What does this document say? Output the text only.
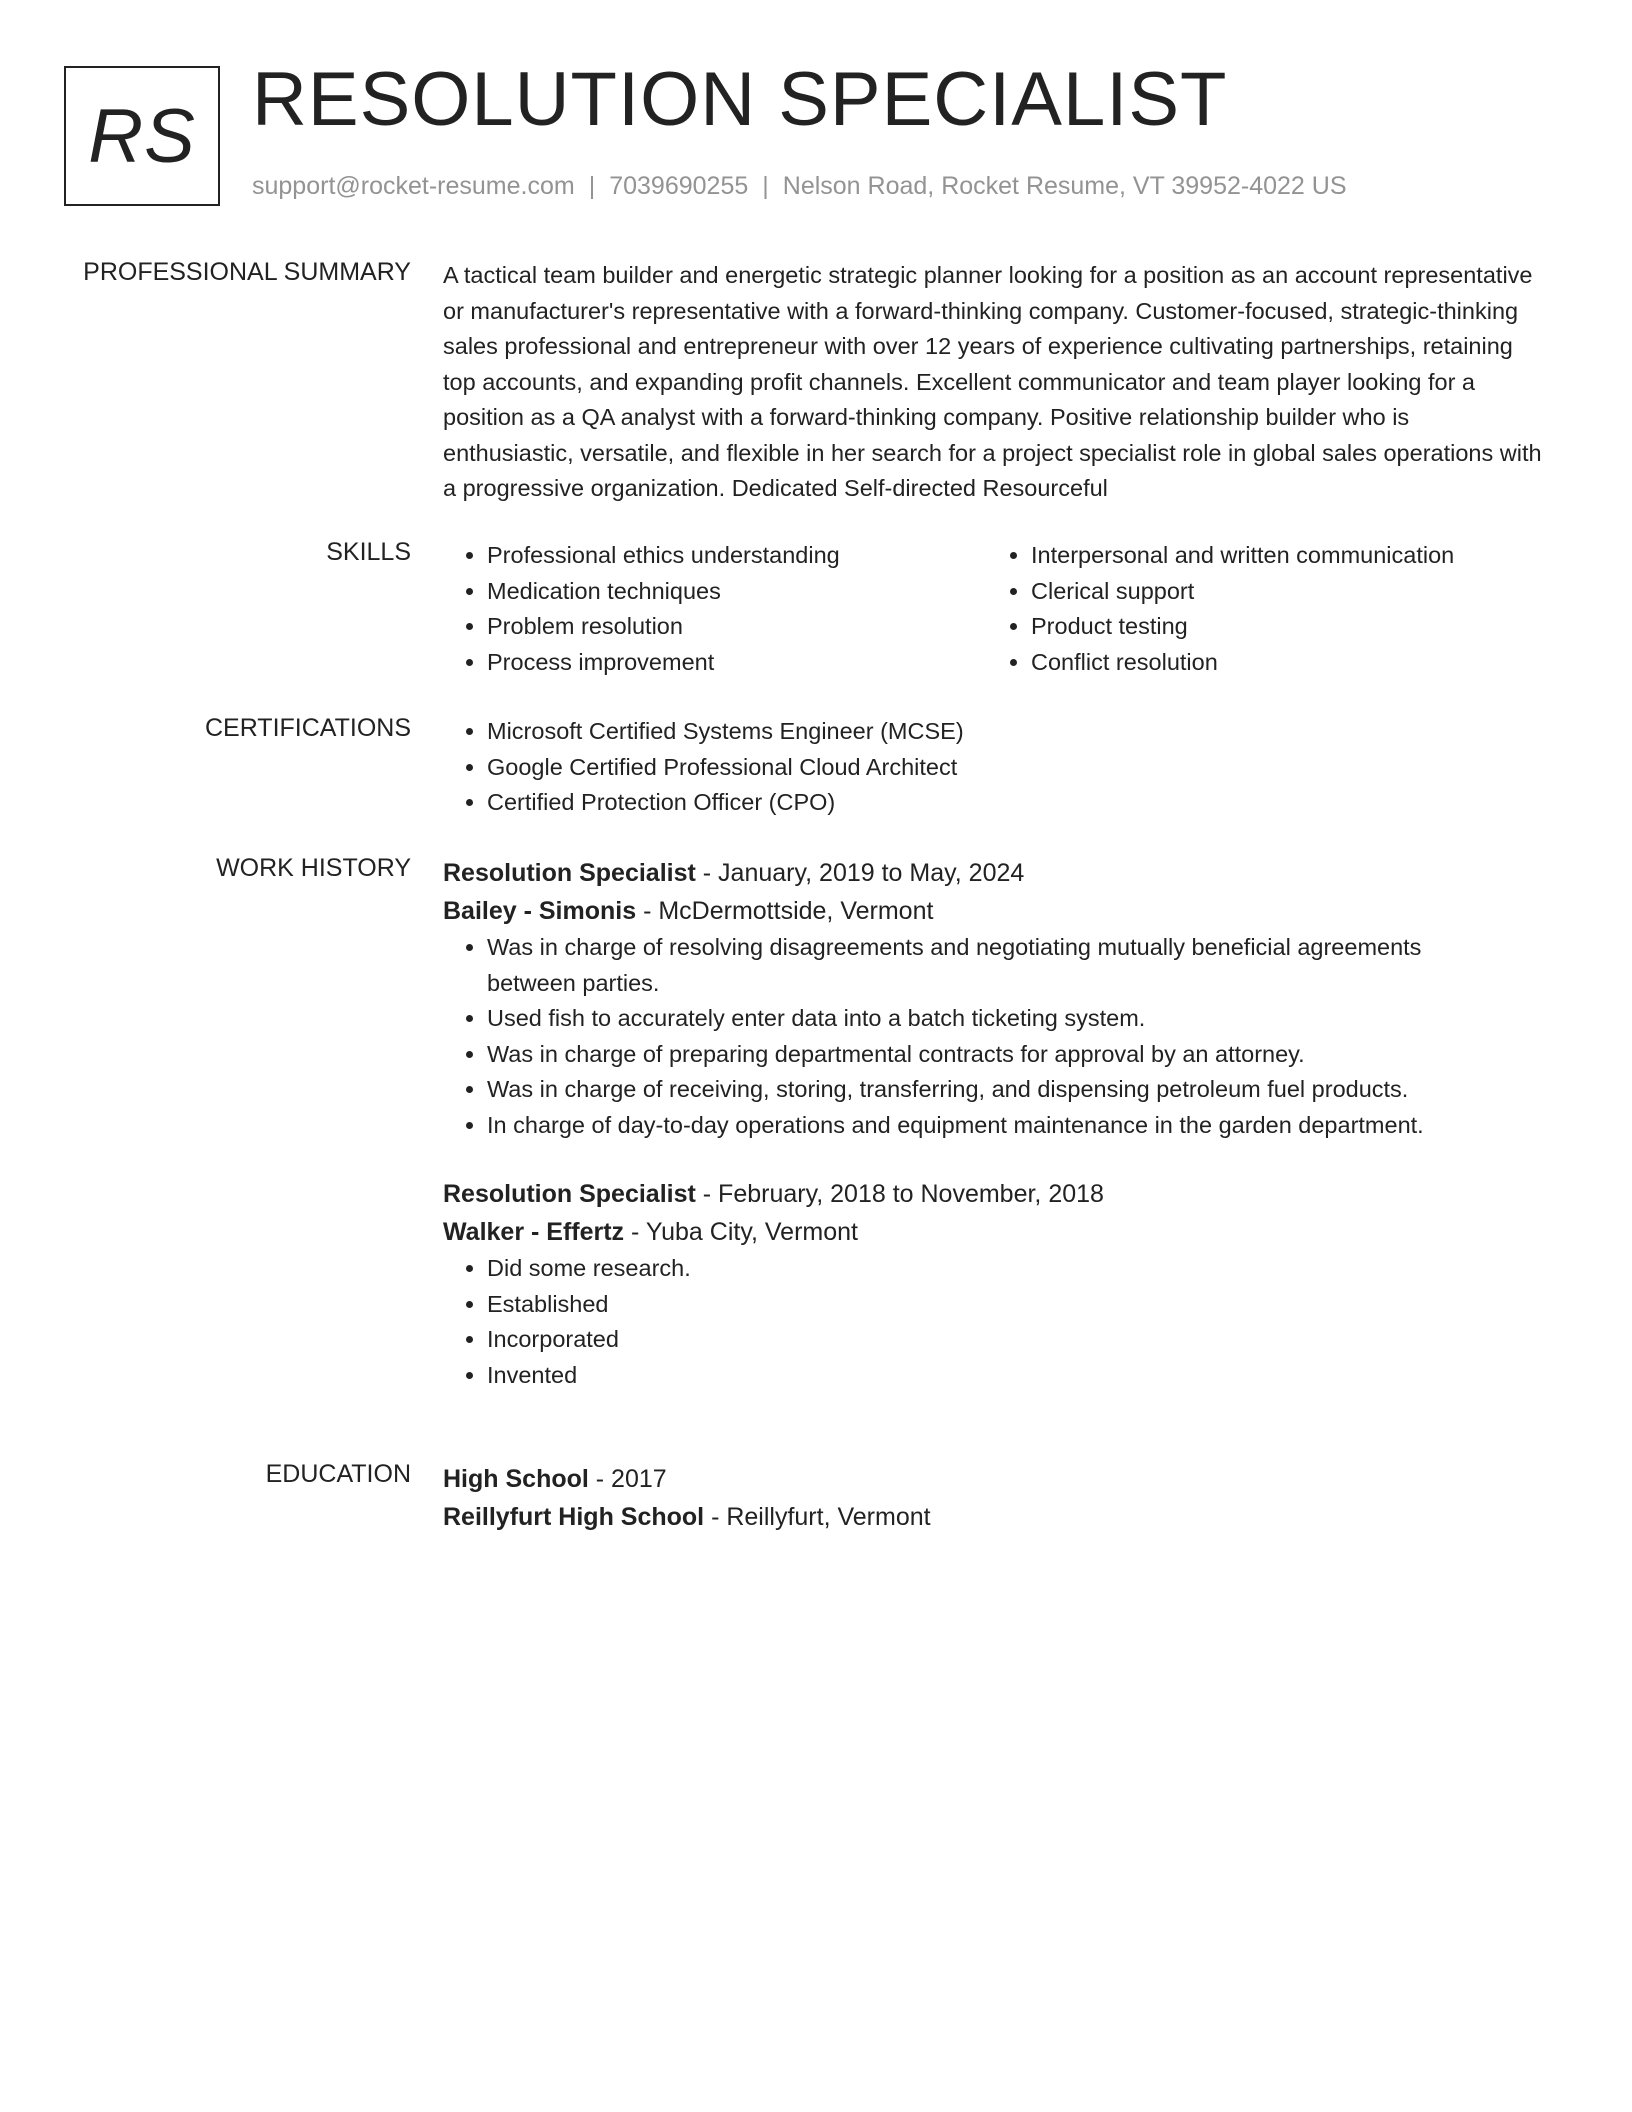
RS RESOLUTION SPECIALIST
support@rocket-resume.com | 7039690255 | Nelson Road, Rocket Resume, VT 39952-4022 US
PROFESSIONAL SUMMARY A tactical team builder and energetic strategic planner looking for a position as an account representative or manufacturer's representative with a forward-thinking company. Customer-focused, strategic-thinking sales professional and entrepreneur with over 12 years of experience cultivating partnerships, retaining top accounts, and expanding profit channels. Excellent communicator and team player looking for a position as a QA analyst with a forward-thinking company. Positive relationship builder who is enthusiastic, versatile, and flexible in her search for a project specialist role in global sales operations with a progressive organization. Dedicated Self-directed Resourceful

SKILLS	• Professional ethics understanding
• Medication techniques
• Problem resolution
• Process improvement
• Interpersonal and written communication
• Clerical support
• Product testing
• Conflict resolution
CERTIFICATIONS	• Microsoft Certified Systems Engineer (MCSE)
• Google Certified Professional Cloud Architect
• Certified Protection Officer (CPO)
WORK HISTORY Resolution Specialist - January, 2019 to May, 2024
Bailey - Simonis - McDermottside, Vermont
• Was in charge of resolving disagreements and negotiating mutually beneficial agreements between parties.
• Used fish to accurately enter data into a batch ticketing system.
• Was in charge of preparing departmental contracts for approval by an attorney.
• Was in charge of receiving, storing, transferring, and dispensing petroleum fuel products.
• In charge of day-to-day operations and equipment maintenance in the garden department.
Resolution Specialist - February, 2018 to November, 2018
Walker - Effertz - Yuba City, Vermont
• Did some research.
• Established
• Incorporated
• Invented
EDUCATION High School - 2017
Reillyfurt High School - Reillyfurt, Vermont
